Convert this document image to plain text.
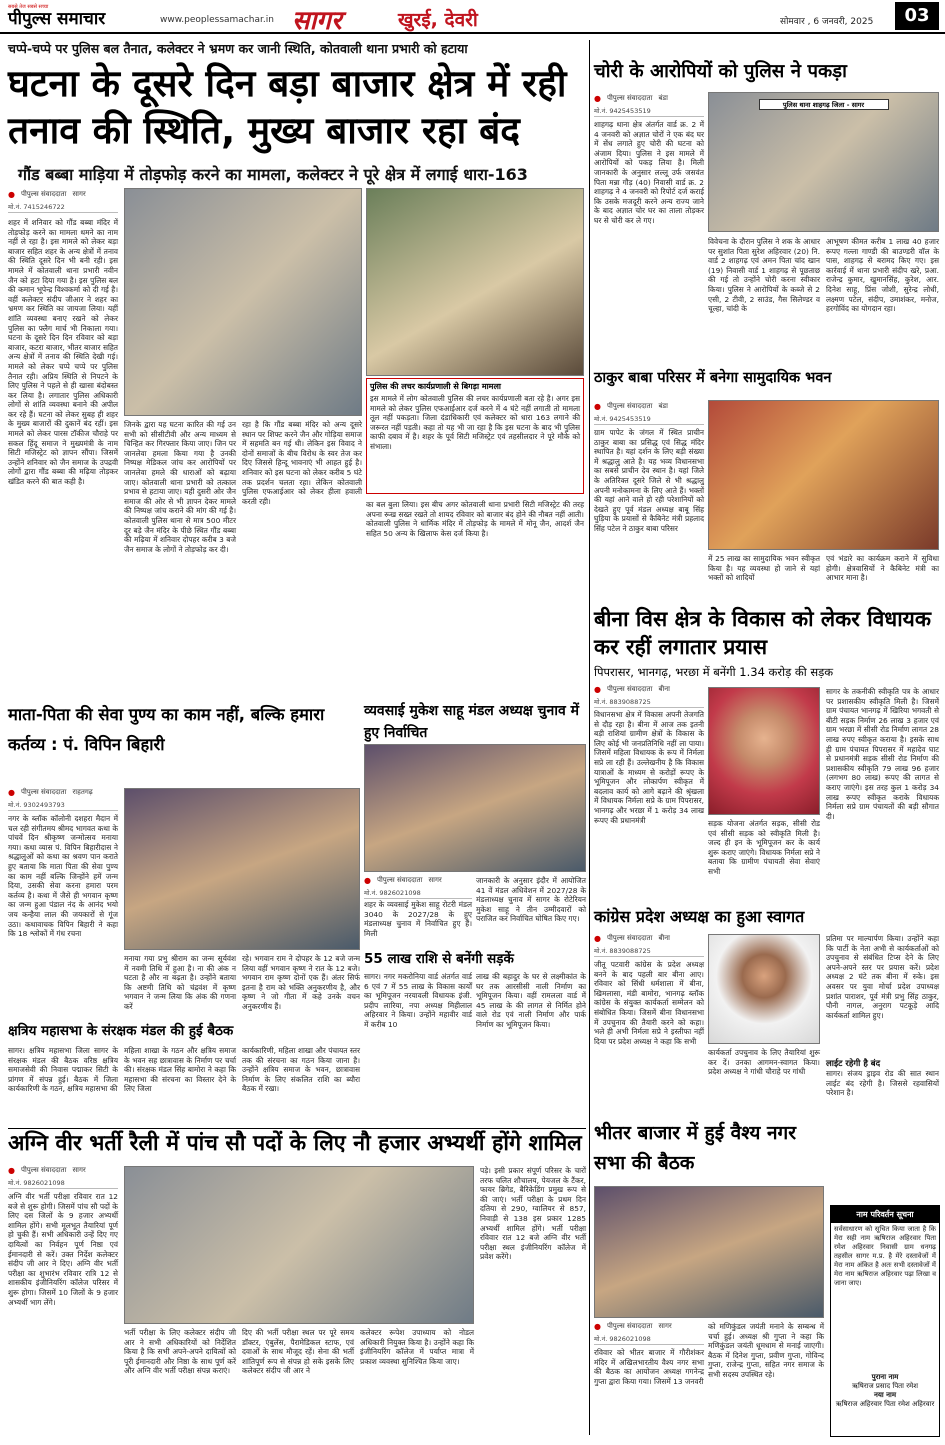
सबसे तेज सबसे सच्चा
पीपुल्स समाचार	www.peoplessamachar.in सागर	खुरई, देवरी	सोमवार , 6 जनवरी, 2025	03
चप्पे-चप्पे पर पुलिस बल तैनात, कलेक्टर ने भ्रमण कर जानी स्थिति, कोतवाली थाना प्रभारी को हटाया
घटना के दूसरे दिन बड़ा बाजार क्षेत्र में रही तनाव की स्थिति, मुख्य बाजार रहा बंद
गौंड बब्बा माड़िया में तोड़फोड़ करने का मामला, कलेक्टर ने पूरे क्षेत्र में लगाई धारा-163
● पीपुल्स संवाददाता सागर
मो.नं. 7415246722
शहर में शनिवार को गौंड बब्बा मंदिर में तोड़फोड़ करने का मामला थमने का नाम नहीं ले रहा है। इस मामले को लेकर बड़ा बाजार सहित शहर के अन्य क्षेत्रों में तनाव की स्थिति दूसरे दिन भी बनी रही। इस मामले में कोतवाली थाना प्रभारी नवीन जैन को हटा दिया गया है। इस पुलिस बल की कमान भूपेन्द्र विश्वकर्मा को दी गई है। वहीं कलेक्टर संदीप जीआर ने शहर का भ्रमण कर स्थिति का जायजा लिया। यहीं शांति व्यवस्था बनाए रखने को लेकर पुलिस का फ्लैग मार्च भी निकाला गया। घटना के दूसरे दिन दिन रविवार को बड़ा बाजार, कटरा बाजार, भीतर बाजार सहित अन्य क्षेत्रों में तनाव की स्थिति देखी गई। मामले को लेकर चप्पे चप्पे पर पुलिस तैनात रही। अप्रिय स्थिति से निपटने के लिए पुलिस ने पहले से ही खासा बंदोबस्त कर लिया है। लगातार पुलिस अधिकारी लोगों से शांति व्यवस्था बनाने की अपील कर रहे हैं। घटना को लेकर सुबह ही शहर के मुख्य बाजारों की दुकानें बंद रहीं। इस मामले को लेकर पारस टॉकीज चौराहे पर सकल हिंदू समाज ने मुख्यमंत्री के नाम सिटी मजिस्ट्रेट को ज्ञापन सौंपा। जिसमें उन्होंने शनिवार को जैन समाज के उपद्रवी लोगों द्वारा गौंड बब्बा की मढ़िया तोड़कर खंडित करने की बात कही है।
जिनके द्वारा यह घटना कारित की गई उन सभी को सीसीटीवी और अन्य माध्यम से चिन्हित कर गिरफ्तार किया जाए। जिन पर जानलेवा हमला किया गया है उनकी निष्पक्ष मेडिकल जांच कर आरोपियों पर जानलेवा हमले की धाराओं को बढ़ाया जाए। कोतवाली थाना प्रभारी को तत्काल प्रभाव से हटाया जाए। यही दुसरी ओर जैन समाज की ओर से भी ज्ञापन देकर मामले की निष्पक्ष जांच कराने की मांग की गई है। कोतवाली पुलिस थाना से मात्र 500 मीटर दूर बड़े जैन मंदिर के पीछे स्थित गौंड बब्बा की मढ़िया में शनिवार दोपहर करीब 3 बजे जैन समाज के लोगों ने तोड़फोड़ कर दी।
रहा है कि गौंड बब्बा मंदिर को अन्य दूसरे स्थान पर शिफ्ट करने जैन और गोड़िया समाज में सहमति बन गई थी। लेकिन इस विवाद ने दोनों समाजों के बीच विरोध के स्वर तेज कर दिए जिससे हिन्दू भावनाएं भी आहत हुई है। शनिवार को इस घटना को लेकर करीब 5 घंटे तक प्रदर्शन चलता रहा। लेकिन कोतवाली पुलिस एफआईआर को लेकर हीला हवाली करती रही।
पुलिस की लचर कार्यप्रणाली से बिगड़ा मामला
इस मामले में लोग कोतवाली पुलिस की लचर कार्यप्रणाली बता रहे है। अगर इस मामले को लेकर पुलिस एफआईआर दर्ज करने में 4 घंटे नहीं लगाती तो मामला तूल नहीं पकड़ता। जिला दंडाधिकारी एवं कलेक्टर को धारा 163 लगाने की जरूरत नहीं पड़ती। कहा तो यह भी जा रहा है कि इस घटना के बाद भी पुलिस काफी दबाव में है। शहर के पूर्व सिटी मजिस्ट्रेट एवं तहसीलदार ने पूरे मौके को संभाला।
का बल बुला लिया। इस बीच अगर कोतवाली थाना प्रभारी सिटी मजिस्ट्रेट की तरह अपना रूख सख्त रखते तो शायद रविवार को बाजार बंद होने की नौबत नहीं आती। कोतवाली पुलिस ने धार्मिक मंदिर में तोड़फोड़ के मामले में मोनू जैन, आदर्श जैन सहित 50 अन्य के खिलाफ केस दर्ज किया है।
चोरी के आरोपियों को पुलिस ने पकड़ा
● पीपुल्स संवाददाता बंडा
मो.नं. 9425453519
शाहगढ़ थाना क्षेत्र अंतर्गत वार्ड क्र. 2 में 4 जनवरी को अज्ञात चोरों ने एक बंद घर में सेंध लगाते हुए चोरी की घटना को अंजाम दिया। पुलिस ने इस मामले में आरोपियों को पकड़ लिया है। मिली जानकारी के अनुसार लल्लू उर्फ जसवंत पिता मन्ना गौड़ (40) निवासी वार्ड क्र. 2 शाहगढ़ ने 4 जनवरी को रिपोर्ट दर्ज कराई कि उसके मजदूरी करने अन्य राज्य जाने के बाद अज्ञात चोर घर का ताला तोड़कर घर से चोरी कर ले गए।
पुलिस थाना शाहगढ़ जिला - सागर
विवेचना के दौरान पुलिस ने शक के आधार पर सुशांत पिता सुरेश अहिरवार (20) नि. वार्ड 2 शाहगढ़ एवं अमन पिता चांद खान (19) निवासी वार्ड 1 शाहगढ़ से पूछताछ की गई तो उन्होंने चोरी करना स्वीकार किया। पुलिस ने आरोपियों के कब्जे से 2 एसी, 2 टीवी, 2 साउंड, गैस सिलेण्डर व चूल्हा, चांदी के
आभूषण कीमत करीब 1 लाख 40 हजार रूपए गल्ला गाण्डी की बाउण्डरी वॉल के पास, शाहगढ़ से बरामद किए गए। इस कार्रवाई में थाना प्रभारी संदीप खरे, प्रआ. राजेन्द्र कुमार, खुमानसिंह, कुरेश, आर. दिनेश साहू, प्रिंस जोशी, सुरेन्द्र लोधी, लक्ष्मण पटेल, संदीप, उमाशंकर, मनोज, हरगोविंद का योगदान रहा।
ठाकुर बाबा परिसर में बनेगा सामुदायिक भवन
● पीपुल्स संवाददाता बंडा
मो.नं. 9425453519
ग्राम पापेट के जंगल में स्थित प्राचीन ठाकुर बाबा का प्रसिद्ध एवं सिद्ध मंदिर स्थापित है। यहां दर्शन के लिए बड़ी संख्या में श्रद्धालु आते है। यह भव्य विधानसभा का सबसे प्राचीन देव स्थान है। यहां जिले के अतिरिक्त दूसरे जिले से भी श्रद्धालु अपनी मनोकामना के लिए आते हैं। भक्तों की यहां आने वाले हो रही परेशानियों को देखते हुए पूर्व मंडल अध्यक्ष बाबू सिंह घुड़िया के प्रयासों से कैबिनेट मंत्री प्रहलाद सिंह पटेल ने ठाकुर बाबा परिसर
में 25 लाख का सामुदायिक भवन स्वीकृत किया है। यह व्यवस्था हो जाने से यहां भक्तों को शादियों
एवं भंडारे का कार्यक्रम कराने में सुविधा होगी। क्षेत्रवासियों ने कैबिनेट मंत्री का आभार माना है।
बीना विस क्षेत्र के विकास को लेकर विधायक कर रहीं लगातार प्रयास
पिपरासर, भानगढ़, भरछा में बनेंगी 1.34 करोड़ की सड़क
● पीपुल्स संवाददाता बीना
मो.नं. 8839088725
विधानसभा क्षेत्र में विकास अपनी तेजगति से दौड़ रहा है। बीना में आज तक इतनी बड़ी राशियां ग्रामीण क्षेत्रों के विकास के लिए कोई भी जनप्रतिनिधि नहीं ला पाया। जिसमें महिला विधायक के रूप में निर्मला सप्रे ला रही हैं। उल्लेखनीय है कि विकास यात्राओं के माध्यम से करोड़ों रूपए के भूमिपूजन और लोकार्पण स्वीकृत में बदलाव कार्य को आगे बढ़ाने की श्रृंखला में विधायक निर्मला सप्रे के ग्राम पिपरासर, भानगढ़ और भरछा में 1 करोड़ 34 लाख रूपए की प्रधानमंत्री	सड़क योजना अंतर्गत सड़क, सीसी रोड एवं सीसी सड़क को स्वीकृति मिली है। जल्द ही इन के भूमिपूजन कर के कार्य शुरू कराए जाएंगे। विधायक निर्मला सप्रे ने बताया कि ग्रामीण पंचायती सेवा सेवाएं सभी
सागर के तकनीकी स्वीकृति पत्र के आधार पर प्रशासकीय स्वीकृति मिली है। जिसमें ग्राम पंचायत भानगढ़ में खिरिया भगवती से बीटी सड़क निर्माण 26 लाख 3 हजार एवं ग्राम भरछा में सीसी रोड निर्माण लागत 28 लाख रुपए स्वीकृत कराया है। इसके साथ ही ग्राम पंचायत पिपरासर में महादेव घाट से प्रधानमंत्री सड़क सीसी रोड निर्माण की प्रशासकीय स्वीकृति 79 लाख 96 हजार (लगभग 80 लाख) रूपए की लागत से कराए जाएंगे। इस तरह कुल 1 करोड़ 34 लाख रूपए स्वीकृत कराके विधायक निर्मला सप्रे ग्राम पंचायतों की बड़ी सौगात दी।
कांग्रेस प्रदेश अध्यक्ष का हुआ स्वागत
● पीपुल्स संवाददाता बीना
मो.नं. 8839088725
जीतू पटवारी कांग्रेस के प्रदेश अध्यक्ष बनने के बाद पहली बार बीना आए। रविवार को सिंधी धर्मशाला में बीना, खिमलासा, मंडी बामोरा, भानगढ़ ब्लॉक कांग्रेस के संयुक्त कार्यकर्ता सम्मेलन को संबोधित किया। जिसमें बीना विधानसभा में उपचुनाव की तैयारी करने को कहा। भले ही अभी निर्मला सप्रे ने इस्तीफा नहीं दिया पर प्रदेश अध्यक्ष ने कहा कि सभी
कार्यकर्ता उपचुनाव के लिए तैयारियां शुरू कर दें। उनका आगमन-स्वागत किया। प्रदेश अध्यक्ष ने गांधी चौराहे पर गांधी
प्रतिमा पर माल्यार्पण किया। उन्होंने कहा कि पार्टी के नेता अभी से कार्यकर्ताओं को उपचुनाव से संबंधित टिप्स देने के लिए अपने-अपने स्तर पर प्रयास करें। प्रदेश अध्यक्ष 2 घंटे तक बीना में रुके। इस अवसर पर युवा मोर्चा प्रदेश उपाध्यक्ष प्रशांत पाराशर, पूर्व मंत्री प्रभु सिंह ठाकुर, पौनी नागल, अनुराग पटकूड़े आदि कार्यकर्ता शामिल हुए।
लाईट रहेगी है बंद
सागर। संजय ड्राइव रोड की सात स्थान लाईट बंद रहेगी है। जिससे रहवासियों परेशान है।
माता-पिता की सेवा पुण्य का काम नहीं, बल्कि हमारा कर्तव्य : पं. विपिन बिहारी
● पीपुल्स संवाददाता राहतगढ़
मो.नं. 9302493793
नगर के ब्लॉक कॉलोनी दशहरा मैदान में चल रही संगीतमय श्रीमद भागवत कथा के पांचवें दिन श्रीकृष्ण जन्मोत्सव मनाया गया। कथा व्यास पं. विपिन बिहारीदास ने श्रद्धालुओं को कथा का श्रवण पान कराते हुए बताया कि माता पिता की सेवा पुण्य का काम नहीं बल्कि जिन्होंने हमें जन्म दिया, उसकी सेवा करना हमारा परम कर्तव्य है। कथा में जैसे ही भगवान कृष्ण का जन्म हुआ पंडाल नंद के आनंद भयो जय कन्हैया लाल की जयकारों से गूंज उठा। कथावाचक विपिन बिहारी ने कहा कि 18 श्लोकों में गंध रचना
मनाया गया प्रभु श्रीराम का जन्म सूर्यवंश में नवमी तिथि में हुआ है। ना की अंक न घटता है और ना बढ़ता है। उन्होंने बताया कि अष्टमी तिथि को चंद्रवंश में कृष्ण भगवान ने जन्म लिया कि अंक की गणना करें
रहे। भगवान राम ने दोपहर के 12 बजे जन्म लिया वहीं भगवान कृष्ण ने रात के 12 बजे। भगवान राम कृष्ण दोनों एक हैं। अंतर सिर्फ इतना है राम को भक्ति अनुकरणीय है, और कृष्ण ने जो गीता में कहे उनके वचन अनुकरणीय हैं।
व्यवसाई मुकेश साहू मंडल अध्यक्ष चुनाव में हुए निर्वाचित
● पीपुल्स संवाददाता सागर
मो.नं. 9826021098
शहर के व्यवसाई मुकेश साहू रोटरी मंडल 3040 के 2027/28 के हुए मंडलाध्यक्ष चुनाव में निर्वाचित हुए हैं। मिली
जानकारी के अनुसार इंदौर में आयोजित 41 वें मंडल अधिवेशन में 2027/28 के मंडलाध्यक्ष चुनाव में सागर के रोटेरियन मुकेश साहू ने तीन उम्मीदवारों को पराजित कर निर्वाचित घोषित किए गए।
55 लाख राशि से बनेंगी सड़कें
सागर। नगर मकरोनिया वार्ड अंतर्गत वार्ड 6 एवं 7 में 55 लाख के विकास कार्यों का भूमिपूजन नरयावली विधायक इंजी. प्रदीप लारिया, नपा अध्यक्ष मिहीलाल अहिरवार ने किया। उन्होंने महावीर वार्ड में करीब 10
लाख की बहादुर के घर से लक्ष्मीकांत के घर तक आरसीसी नाली निर्माण का भूमिपूजन किया। वहीं रामलला वार्ड में 45 लाख के की लागत से निर्मित होने वाले रोड एवं नाली निर्माण और पार्क निर्माण का भूमिपूजन किया।
क्षत्रिय महासभा के संरक्षक मंडल की हुई बैठक
सागर। क्षत्रिय महासभा जिला सागर के संरक्षक मंडल की बैठक वरिष्ठ क्षत्रिय समाजसेवी की निवास पद्माकर सिटी के प्रांगण में संपन्न हुई। बैठक में जिला कार्यकारिणी के गठन, क्षत्रिय महासभा की
महिला शाखा के गठन और क्षत्रिय समाज के भवन सह छात्रावास के निर्माण पर चर्चा की। संरक्षक मंडल सिंह बामोरा ने कहा कि महासभा की संरचना का विस्तार देने के लिए जिला
कार्यकारिणी, महिला शाखा और पंचायत स्तर तक की संरचना का गठन किया जाना है। उन्होंने क्षत्रिय समाज के भवन, छात्रावास निर्माण के लिए संकलित राशि का ब्यौरा बैठक में रखा।
अग्नि वीर भर्ती रैली में पांच सौ पदों के लिए नौ हजार अभ्यर्थी होंगे शामिल
● पीपुल्स संवाददाता सागर
मो.नं. 9826021098
अग्नि वीर भर्ती परीक्षा रविवार रात 12 बजे से शुरू होगी। जिसमें पांच सौ पदों के लिए दस जिलों के 9 हजार अभ्यर्थी शामिल होंगे। सभी मूलभूत तैयारियां पूर्ण हो चुकी हैं। सभी अधिकारी उन्हें दिए गए दायित्वों का निर्वहन पूर्ण निष्ठा एवं ईमानदारी से करें। उक्त निर्देश कलेक्टर संदीप जी आर ने दिए। अग्नि वीर भर्ती परीक्षा का शुभारंभ रविवार रात्रि 12 से शासकीय इंजीनियरिंग कॉलेज परिसर में शुरू होगा। जिसमें 10 जिलों के 9 हजार अभ्यर्थी भाग लेंगे।
भर्ती परीक्षा के लिए कलेक्टर संदीप जी आर ने सभी अधिकारियों को निर्देशित किया है कि सभी अपने-अपने दायित्वों को पूरी ईमानदारी और निष्ठा के साथ पूर्ण करें और अग्नि वीर भर्ती परीक्षा संपन्न कराएं।
दिए की भर्ती परीक्षा स्थल पर पूरे समय डॉक्टर, एंबुलेंस, पैरामेडिकल स्टाफ, एवं दवाओं के साथ मौजूद रहें। सेना की भर्ती शांतिपूर्ण रूप से संपन्न हो सके इसके लिए कलेक्टर संदीप जी आर ने
कलेक्टर रूपेश उपाध्याय को नोडल अधिकारी नियुक्त किया है। उन्होंने कहा कि इंजीनियरिंग कॉलेज में पर्याप्त मात्रा में प्रकाश व्यवस्था सुनिश्चित किया जाए।
पड़े। इसी प्रकार संपूर्ण परिसर के चारों तरफ चलित शौचालय, पेयजल के टैंकर, फायर ब्रिगेड, बैरिकेडिंग प्रमुख रूप से की जाएं। भर्ती परीक्षा के प्रथम दिन दतिया से 290, ग्वालियर से 857, निवाड़ी से 138 इस प्रकार 1285 अभ्यर्थी शामिल होंगे। भर्ती परीक्षा रविवार रात 12 बजे अग्नि वीर भर्ती परीक्षा स्थल इंजीनियरिंग कॉलेज में प्रवेश करेंगे।
भीतर बाजार में हुई वैश्य नगर सभा की बैठक
● पीपुल्स संवाददाता सागर
मो.नं. 9826021098
रविवार को भीतर बाजार में गौरीशंकर मंदिर में अखिलभारतीय वैश्य नगर सभा की बैठक का आयोजन अध्यक्ष गगनेन्द्र गुप्ता द्वारा किया गया। जिसमें 13 जनवरी
को मणिकुंडल जयंती मनाने के सम्बन्ध में चर्चा हुई। अध्यक्ष श्री गुप्ता ने कहा कि मणिकुंडल जयंती धूमधाम से मनाई जाएगी। बैठक में दिनेश गुप्ता, प्रवीण गुप्ता, गोविन्द गुप्ता, राजेन्द्र गुप्ता, सहित नगर समाज के सभी सदस्य उपस्थित रहे।
नाम परिवर्तन सूचना
सर्वसाधारण को सूचित किया जाता है कि मेरा सही नाम ऋषिराज अहिरवार पिता रमेश अहिरवार निवासी ग्राम धनगढ़ तहसील सागर म.प्र. है मेरे दस्तावेजों में मेरा नाम अंकित है अतः सभी दस्तावेजों में मेरा नाम ऋषिराज अहिरवार पढ़ा लिखा व जाना जाए।
पुराना नाम
ऋषिराज प्रसाद पिता रमेश
नया नाम
ऋषिराज अहिरवार पिता रमेश अहिरवार
